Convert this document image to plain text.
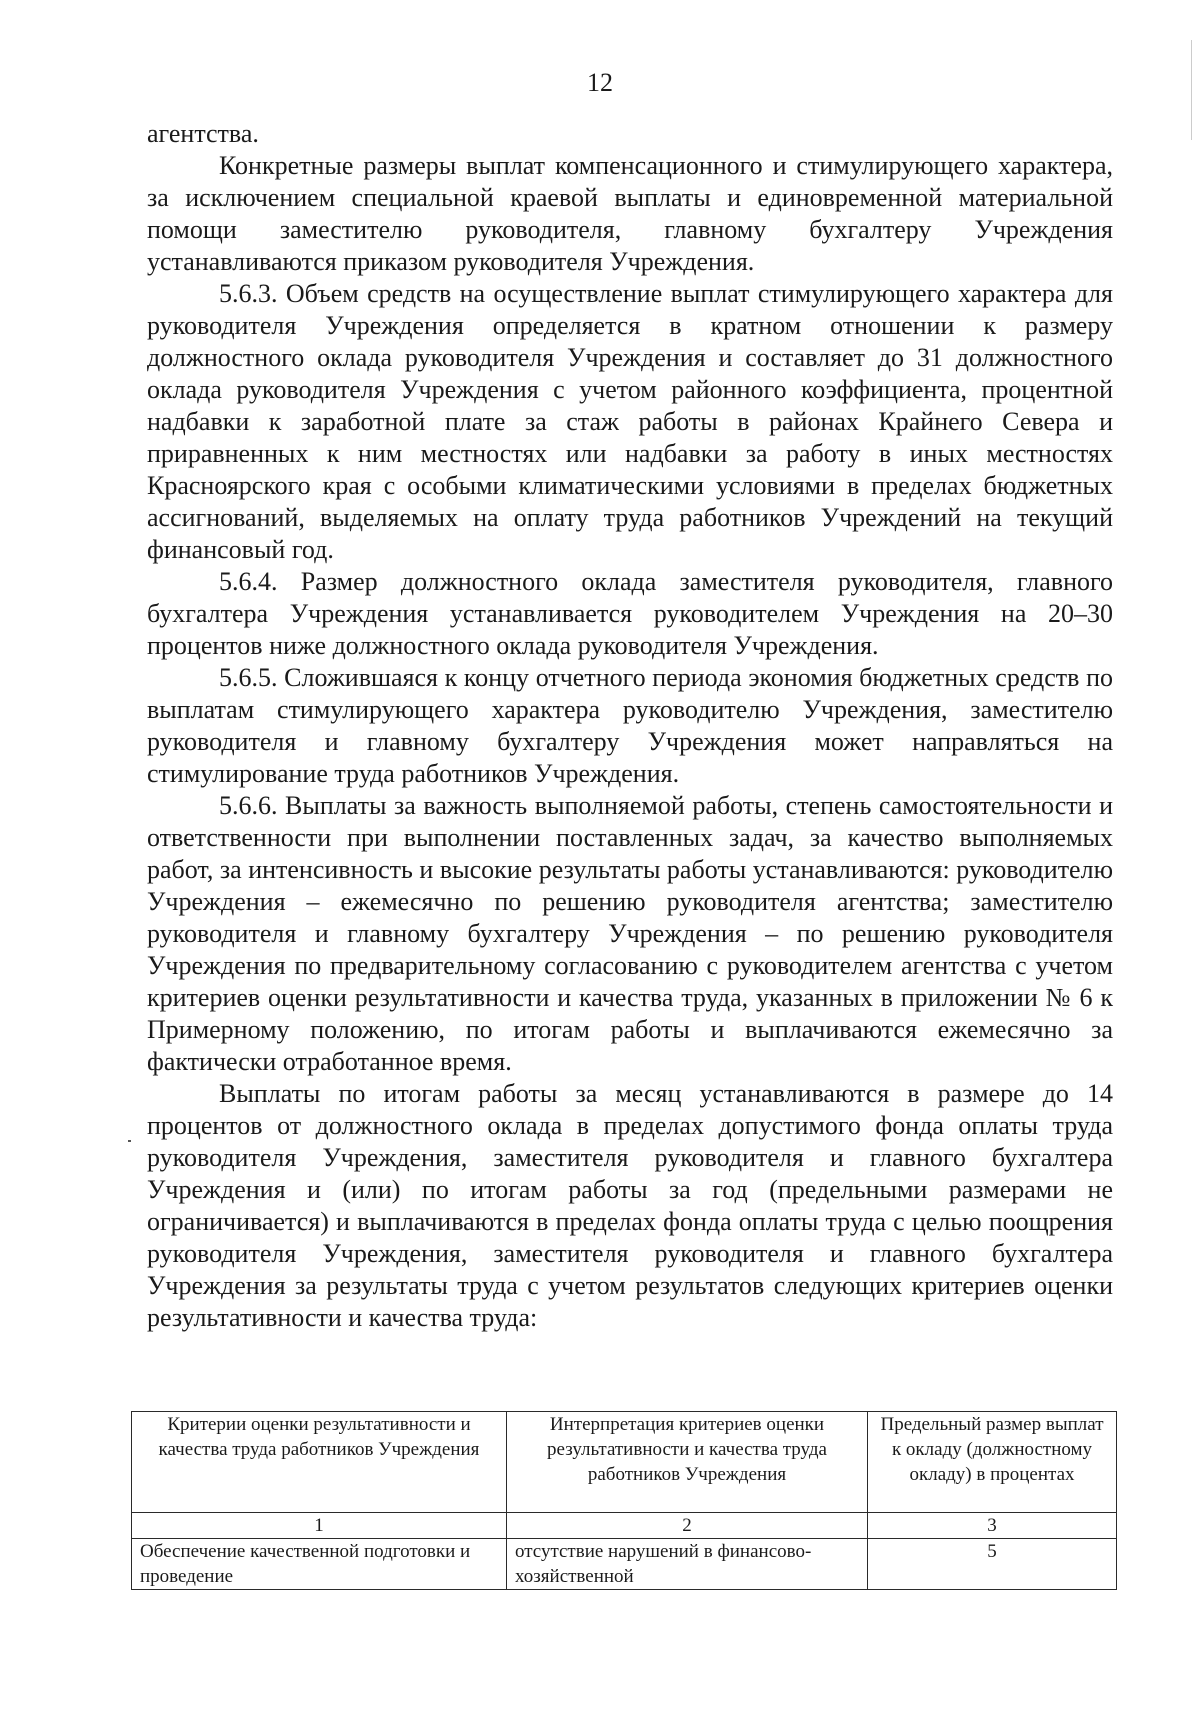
12

агентства.

Конкретные размеры выплат компенсационного и стимулирующего характера, за исключением специальной краевой выплаты и единовременной материальной помощи заместителю руководителя, главному бухгалтеру Учреждения устанавливаются приказом руководителя Учреждения.

5.6.3. Объем средств на осуществление выплат стимулирующего характера для руководителя Учреждения определяется в кратном отношении к размеру должностного оклада руководителя Учреждения и составляет до 31 должностного оклада руководителя Учреждения с учетом районного коэффициента, процентной надбавки к заработной плате за стаж работы в районах Крайнего Севера и приравненных к ним местностях или надбавки за работу в иных местностях Красноярского края с особыми климатическими условиями в пределах бюджетных ассигнований, выделяемых на оплату труда работников Учреждений на текущий финансовый год.

5.6.4. Размер должностного оклада заместителя руководителя, главного бухгалтера Учреждения устанавливается руководителем Учреждения на 20–30 процентов ниже должностного оклада руководителя Учреждения.

5.6.5. Сложившаяся к концу отчетного периода экономия бюджетных средств по выплатам стимулирующего характера руководителю Учреждения, заместителю руководителя и главному бухгалтеру Учреждения может направляться на стимулирование труда работников Учреждения.

5.6.6. Выплаты за важность выполняемой работы, степень самостоятельности и ответственности при выполнении поставленных задач, за качество выполняемых работ, за интенсивность и высокие результаты работы устанавливаются: руководителю Учреждения – ежемесячно по решению руководителя агентства; заместителю руководителя и главному бухгалтеру Учреждения – по решению руководителя Учреждения по предварительному согласованию с руководителем агентства с учетом критериев оценки результативности и качества труда, указанных в приложении № 6 к Примерному положению, по итогам работы и выплачиваются ежемесячно за фактически отработанное время.

Выплаты по итогам работы за месяц устанавливаются в размере до 14 процентов от должностного оклада в пределах допустимого фонда оплаты труда руководителя Учреждения, заместителя руководителя и главного бухгалтера Учреждения и (или) по итогам работы за год (предельными размерами не ограничивается) и выплачиваются в пределах фонда оплаты труда с целью поощрения руководителя Учреждения, заместителя руководителя и главного бухгалтера Учреждения за результаты труда с учетом результатов следующих критериев оценки результативности и качества труда:

Критерии оценки результативности и качества труда работников Учреждения	Интерпретация критериев оценки результативности и качества труда работников Учреждения	Предельный размер выплат к окладу (должностному окладу) в процентах
1	2	3
Обеспечение качественной подготовки и проведение	отсутствие нарушений в финансово-хозяйственной	5
